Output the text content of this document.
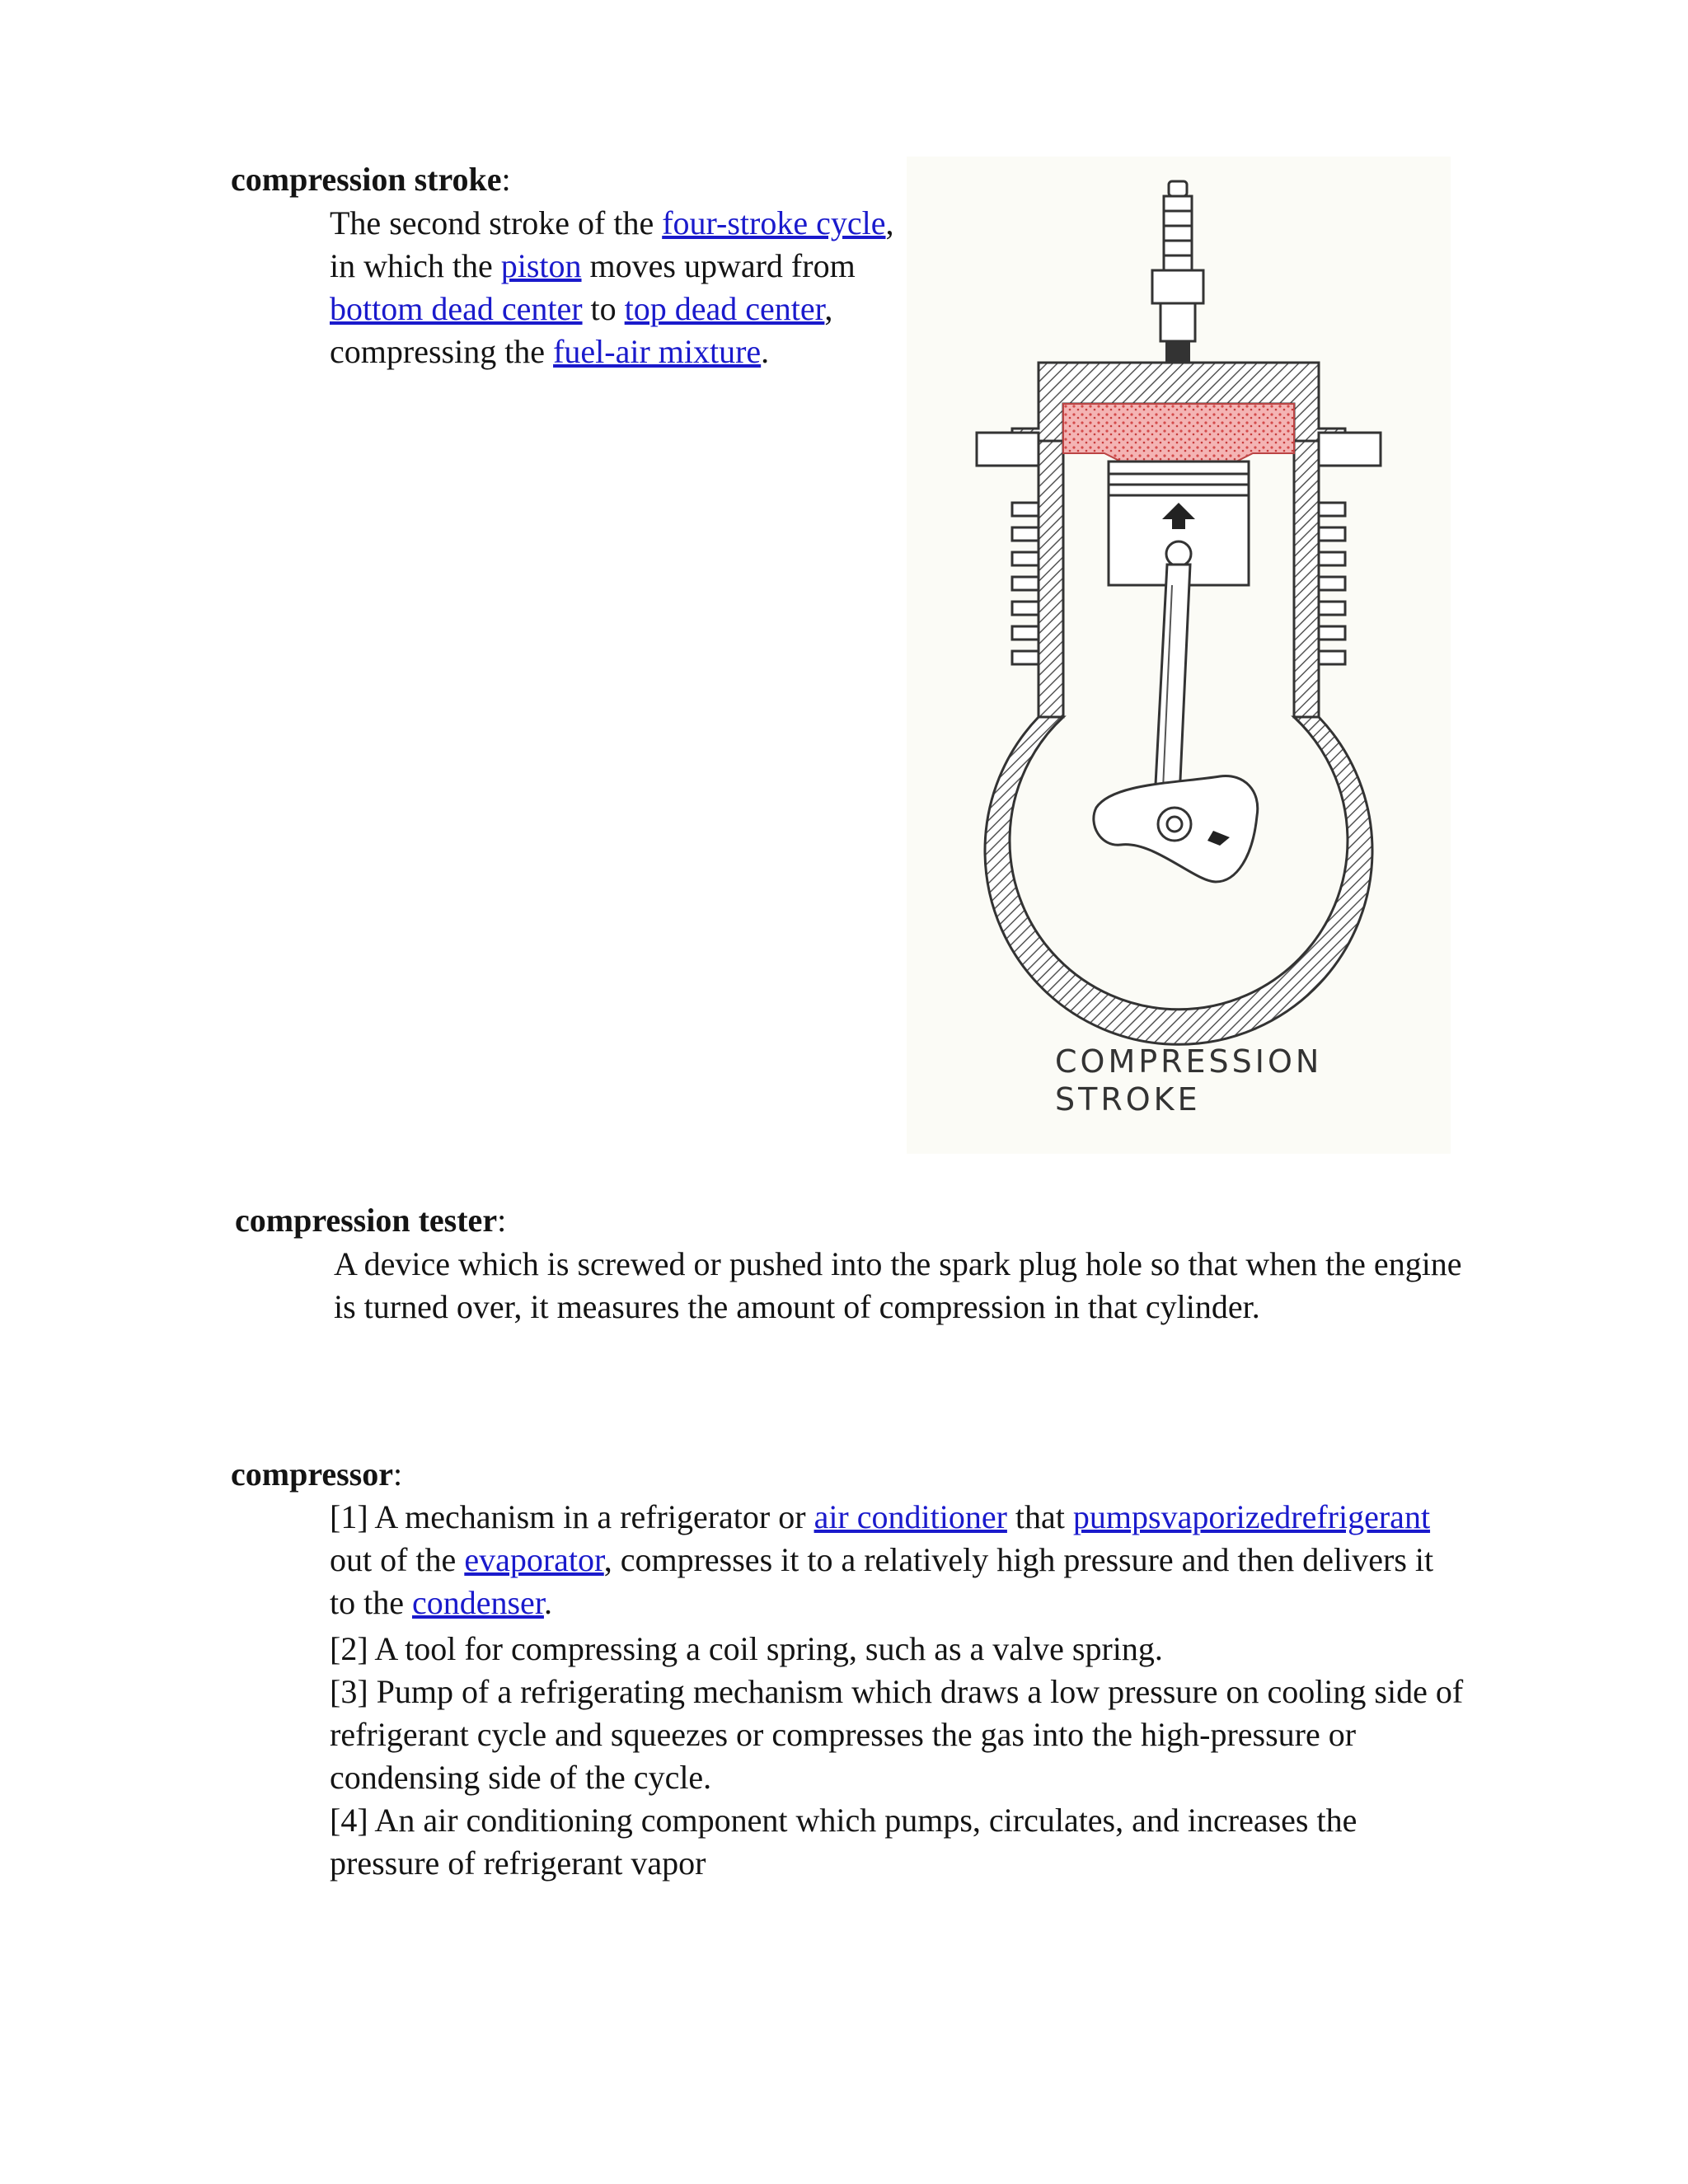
compression stroke:
The second stroke of the four-stroke cycle, in which the piston moves upward from bottom dead center to top dead center, compressing the fuel-air mixture.
COMPRESSION
STROKE
compression tester:

A device which is screwed or pushed into the spark plug hole so that when the engine is turned over, it measures the amount of compression in that cylinder.

compressor:

[1] A mechanism in a refrigerator or air conditioner that pumpsvaporizedrefrigerant out of the evaporator, compresses it to a relatively high pressure and then delivers it to the condenser.

[2] A tool for compressing a coil spring, such as a valve spring.

[3] Pump of a refrigerating mechanism which draws a low pressure on cooling side of refrigerant cycle and squeezes or compresses the gas into the high-pressure or condensing side of the cycle.

[4] An air conditioning component which pumps, circulates, and increases the pressure of refrigerant vapor
